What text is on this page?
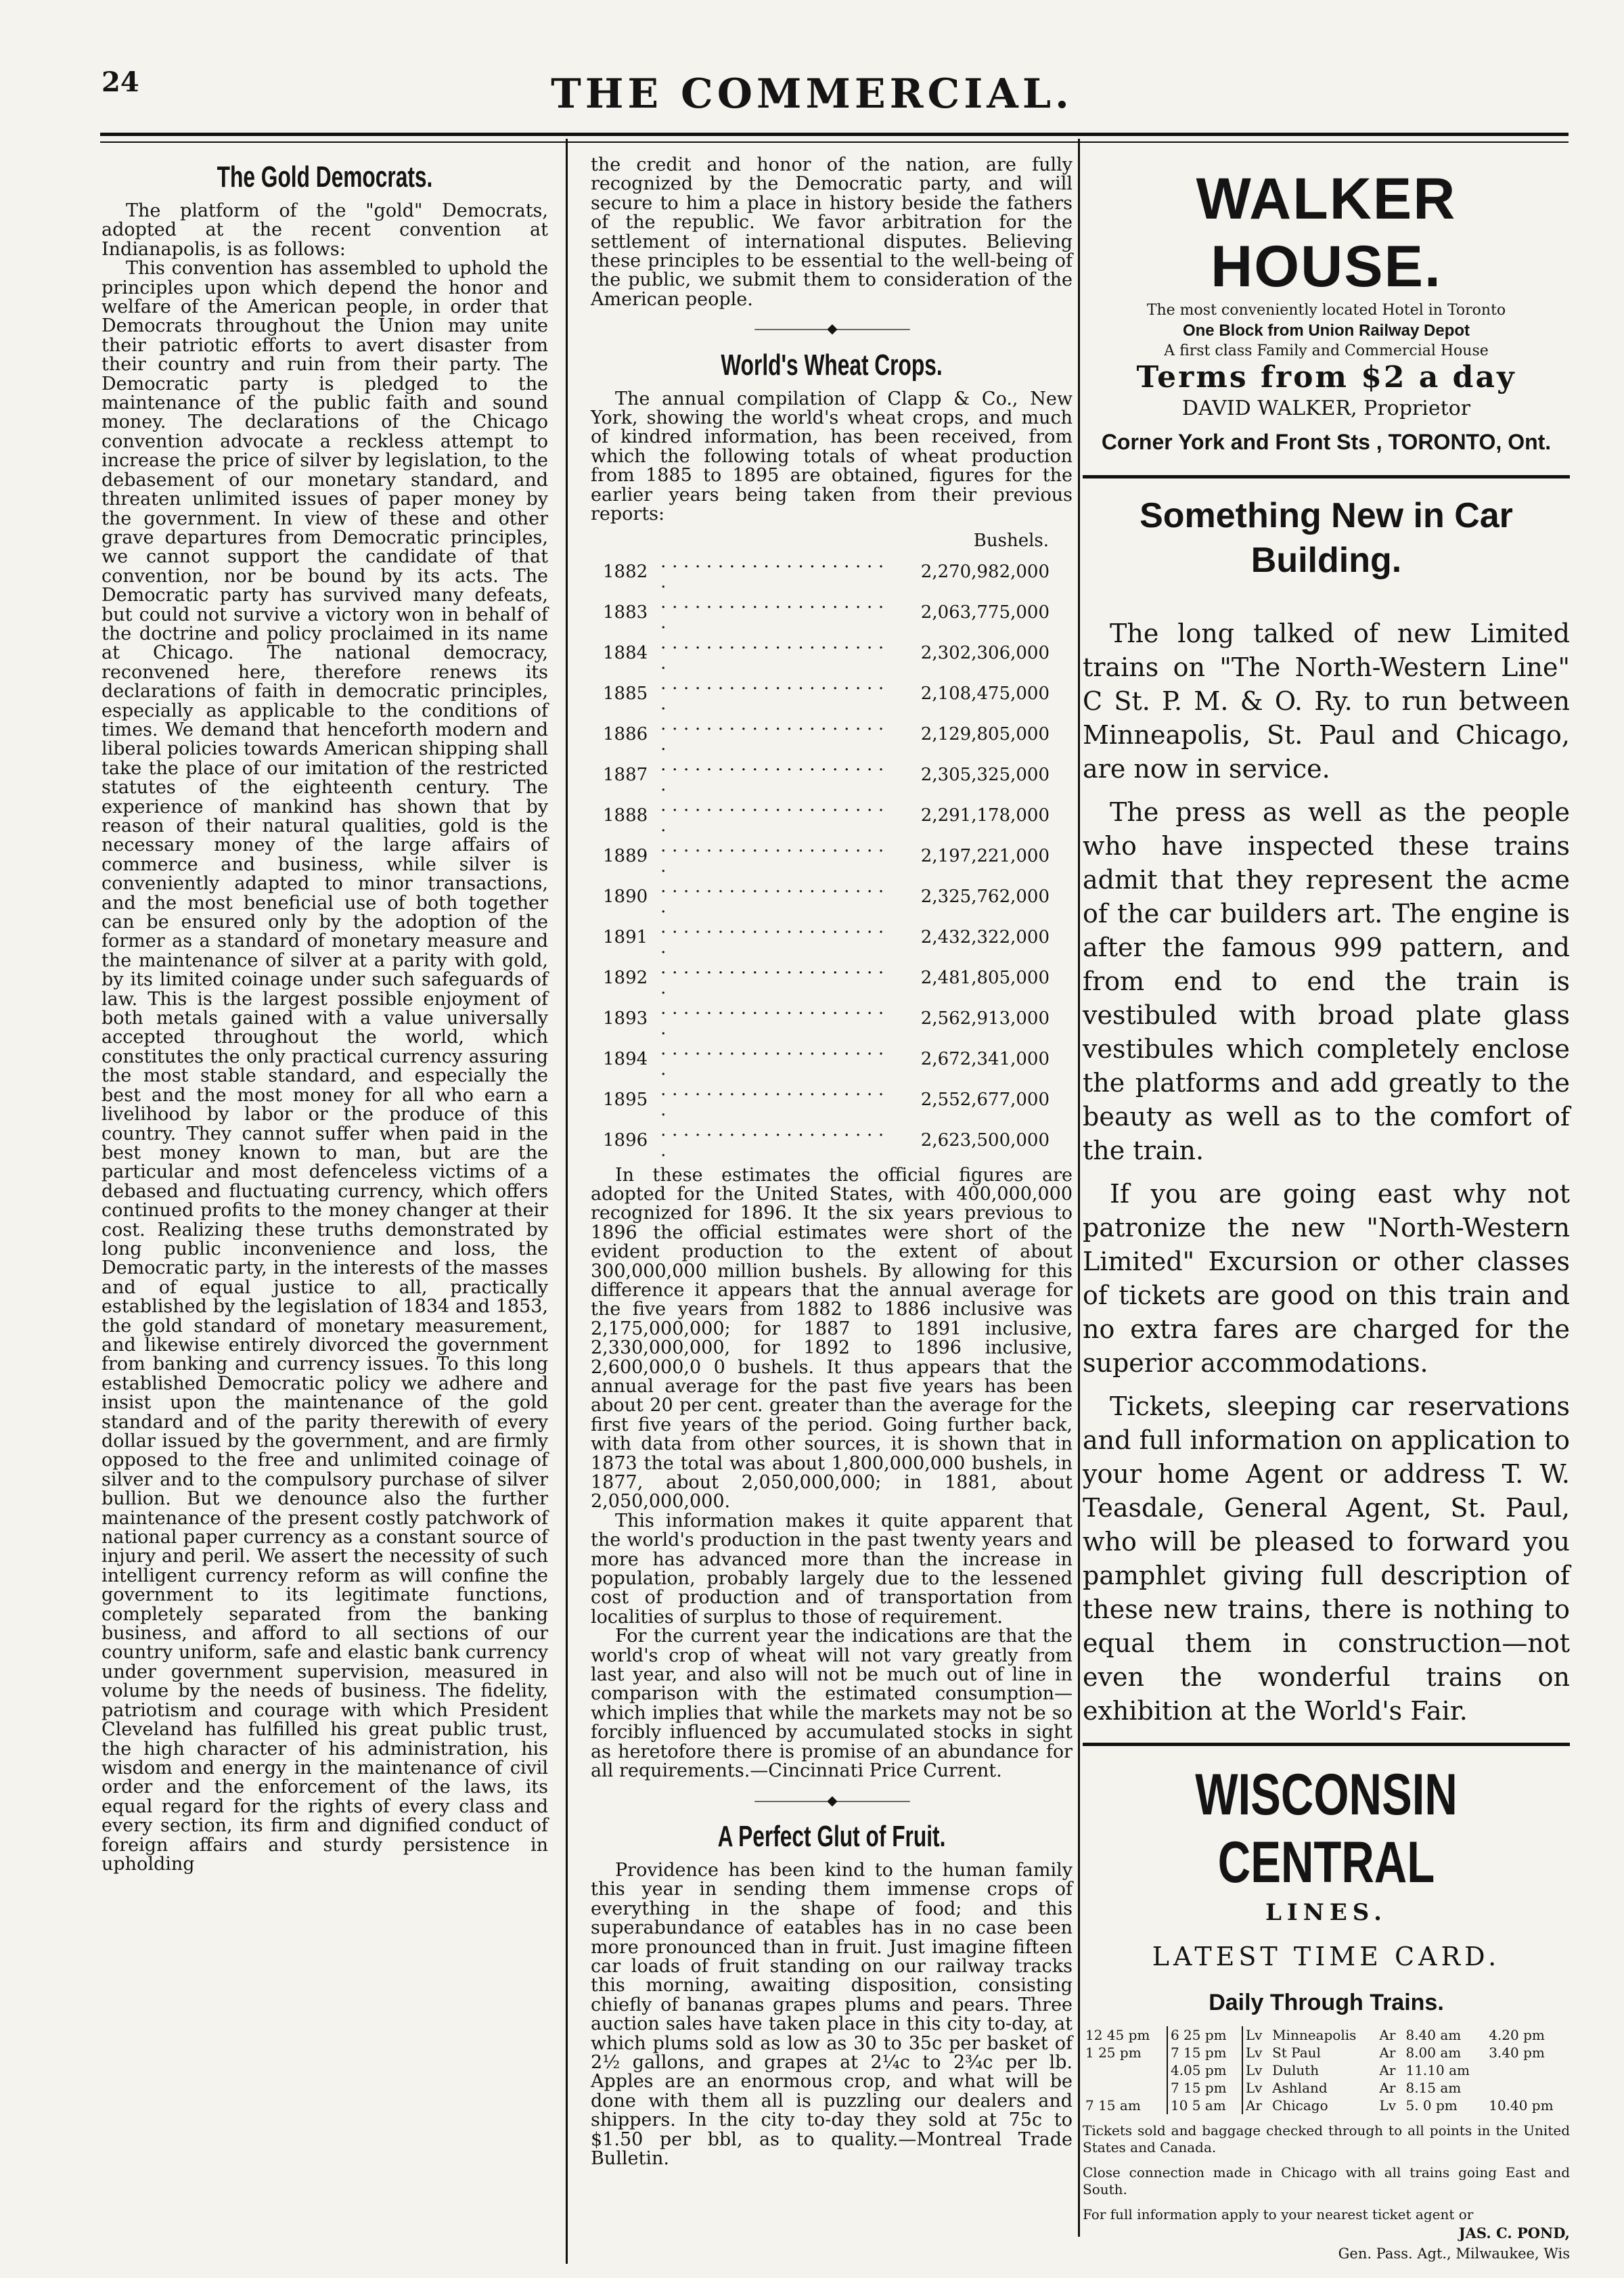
24	THE COMMERCIAL.
The Gold Democrats.

The platform of the "gold" Democrats, adopted at the recent convention at Indianapolis, is as follows:

This convention has assembled to uphold the principles upon which depend the honor and welfare of the American people, in order that Democrats throughout the Union may unite their patriotic efforts to avert disaster from their country and ruin from their party. The Democratic party is pledged to the maintenance of the public faith and sound money. The declarations of the Chicago convention advocate a reckless attempt to increase the price of silver by legislation, to the debasement of our monetary standard, and threaten unlimited issues of paper money by the government. In view of these and other grave departures from Democratic principles, we cannot support the candidate of that convention, nor be bound by its acts. The Democratic party has survived many defeats, but could not survive a victory won in behalf of the doctrine and policy proclaimed in its name at Chicago. The national democracy, reconvened here, therefore renews its declarations of faith in democratic principles, especially as applicable to the conditions of times. We demand that henceforth modern and liberal policies towards American shipping shall take the place of our imitation of the restricted statutes of the eighteenth century. The experience of mankind has shown that by reason of their natural qualities, gold is the necessary money of the large affairs of commerce and business, while silver is conveniently adapted to minor transactions, and the most beneficial use of both together can be ensured only by the adoption of the former as a standard of monetary measure and the maintenance of silver at a parity with gold, by its limited coinage under such safeguards of law. This is the largest possible enjoyment of both metals gained with a value universally accepted throughout the world, which constitutes the only practical currency assuring the most stable standard, and especially the best and the most money for all who earn a livelihood by labor or the produce of this country. They cannot suffer when paid in the best money known to man, but are the particular and most defenceless victims of a debased and fluctuating currency, which offers continued profits to the money changer at their cost. Realizing these truths demonstrated by long public inconvenience and loss, the Democratic party, in the interests of the masses and of equal justice to all, practically established by the legislation of 1834 and 1853, the gold standard of monetary measurement, and likewise entirely divorced the government from banking and currency issues. To this long established Democratic policy we adhere and insist upon the maintenance of the gold standard and of the parity therewith of every dollar issued by the government, and are firmly opposed to the free and unlimited coinage of silver and to the compulsory purchase of silver bullion. But we denounce also the further maintenance of the present costly patchwork of national paper currency as a constant source of injury and peril. We assert the necessity of such intelligent currency reform as will confine the government to its legitimate functions, completely separated from the banking business, and afford to all sections of our country uniform, safe and elastic bank currency under government supervision, measured in volume by the needs of business. The fidelity, patriotism and courage with which President Cleveland has fulfilled his great public trust, the high character of his administration, his wisdom and energy in the maintenance of civil order and the enforcement of the laws, its equal regard for the rights of every class and every section, its firm and dignified conduct of foreign affairs and sturdy persistence in upholding

the credit and honor of the nation, are fully recognized by the Democratic party, and will secure to him a place in history beside the fathers of the republic. We favor arbitration for the settlement of international disputes. Believing these principles to be essential to the well-being of the public, we submit them to consideration of the American people.

——————◆——————
World's Wheat Crops.

The annual compilation of Clapp & Co., New York, showing the world's wheat crops, and much of kindred information, has been received, from which the following totals of wheat production from 1885 to 1895 are obtained, figures for the earlier years being taken from their previous reports:

	Bushels.	
1882	. . . . . . . . . . . . . . . . . . . . .	2,270,982,000
1883	. . . . . . . . . . . . . . . . . . . . .	2,063,775,000
1884	. . . . . . . . . . . . . . . . . . . . .	2,302,306,000
1885	. . . . . . . . . . . . . . . . . . . . .	2,108,475,000
1886	. . . . . . . . . . . . . . . . . . . . .	2,129,805,000
1887	. . . . . . . . . . . . . . . . . . . . .	2,305,325,000
1888	. . . . . . . . . . . . . . . . . . . . .	2,291,178,000
1889	. . . . . . . . . . . . . . . . . . . . .	2,197,221,000
1890	. . . . . . . . . . . . . . . . . . . . .	2,325,762,000
1891	. . . . . . . . . . . . . . . . . . . . .	2,432,322,000
1892	. . . . . . . . . . . . . . . . . . . . .	2,481,805,000
1893	. . . . . . . . . . . . . . . . . . . . .	2,562,913,000
1894	. . . . . . . . . . . . . . . . . . . . .	2,672,341,000
1895	. . . . . . . . . . . . . . . . . . . . .	2,552,677,000
1896	. . . . . . . . . . . . . . . . . . . . .	2,623,500,000

In these estimates the official figures are adopted for the United States, with 400,000,000 recognized for 1896. It the six years previous to 1896 the official estimates were short of the evident production to the extent of about 300,000,000 million bushels. By allowing for this difference it appears that the annual average for the five years from 1882 to 1886 inclusive was 2,175,000,000; for 1887 to 1891 inclusive, 2,330,000,000, for 1892 to 1896 inclusive, 2,600,000,0 0 bushels. It thus appears that the annual average for the past five years has been about 20 per cent. greater than the average for the first five years of the period. Going further back, with data from other sources, it is shown that in 1873 the total was about 1,800,000,000 bushels, in 1877, about 2,050,000,000; in 1881, about 2,050,000,000.

This information makes it quite apparent that the world's production in the past twenty years and more has advanced more than the increase in population, probably largely due to the lessened cost of production and of transportation from localities of surplus to those of requirement.

For the current year the indications are that the world's crop of wheat will not vary greatly from last year, and also will not be much out of line in comparison with the estimated consumption—which implies that while the markets may not be so forcibly influenced by accumulated stocks in sight as heretofore there is promise of an abundance for all requirements.—Cincinnati Price Current.

——————◆——————
A Perfect Glut of Fruit.

Providence has been kind to the human family this year in sending them immense crops of everything in the shape of food; and this superabundance of eatables has in no case been more pronounced than in fruit. Just imagine fifteen car loads of fruit standing on our railway tracks this morning, awaiting disposition, consisting chiefly of bananas grapes plums and pears. Three auction sales have taken place in this city to-day, at which plums sold as low as 30 to 35c per basket of 2½ gallons, and grapes at 2¼c to 2¾c per lb. Apples are an enormous crop, and what will be done with them all is puzzling our dealers and shippers. In the city to-day they sold at 75c to $1.50 per bbl, as to quality.—Montreal Trade Bulletin.

WALKER HOUSE.
The most conveniently located Hotel in Toronto
One Block from Union Railway Depot
A first class Family and Commercial House
Terms from $2 a day
DAVID WALKER, Proprietor
Corner York and Front Sts , TORONTO, Ont.
Something New in Car Building.

The long talked of new Limited trains on "The North-Western Line" C St. P. M. & O. Ry. to run between Minneapolis, St. Paul and Chicago, are now in service.

The press as well as the people who have inspected these trains admit that they represent the acme of the car builders art. The engine is after the famous 999 pattern, and from end to end the train is vestibuled with broad plate glass vestibules which completely enclose the platforms and add greatly to the beauty as well as to the comfort of the train.

If you are going east why not patronize the new "North-Western Limited" Excursion or other classes of tickets are good on this train and no extra fares are charged for the superior accommodations.

Tickets, sleeping car reservations and full information on application to your home Agent or address T. W. Teasdale, General Agent, St. Paul, who will be pleased to forward you pamphlet giving full description of these new trains, there is nothing to equal them in construction—not even the wonderful trains on exhibition at the World's Fair.

WISCONSIN CENTRAL
LINES.
LATEST TIME CARD.
Daily Through Trains.
12 45 pm	6 25 pm	Lv	Minneapolis	Ar	8.40 am	4.20 pm
1 25 pm	7 15 pm	Lv	St Paul	Ar	8.00 am	3.40 pm
	4.05 pm	Lv	Duluth	Ar	11.10 am	
	7 15 pm	Lv	Ashland	Ar	8.15 am	
7 15 am	10 5 am	Ar	Chicago	Lv	5. 0 pm	10.40 pm
Tickets sold and baggage checked through to all points in the United States and Canada.
Close connection made in Chicago with all trains going East and South.
For full information apply to your nearest ticket agent or
JAS. C. POND,
Gen. Pass. Agt., Milwaukee, Wis
